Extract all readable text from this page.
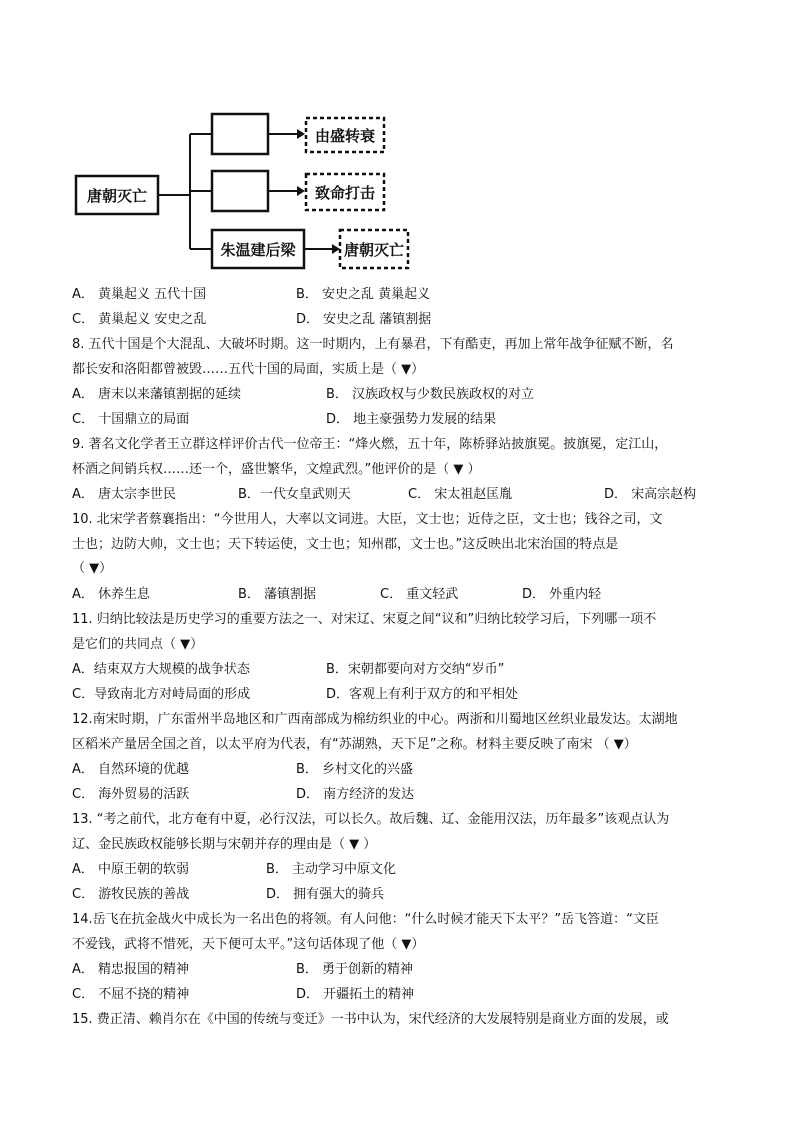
唐朝灭亡
朱温建后梁
由盛转衰
致命打击
唐朝灭亡
A． 黄巢起义 五代十国	B． 安史之乱 黄巢起义
C． 黄巢起义 安史之乱	D． 安史之乱 藩镇割据
8. 五代十国是个大混乱、大破坏时期。这一时期内，上有暴君，下有酷吏，再加上常年战争征赋不断，名
都长安和洛阳都曾被毁……五代十国的局面，实质上是（ ▼）
A． 唐末以来藩镇割据的延续	B． 汉族政权与少数民族政权的对立
C． 十国鼎立的局面	D． 地主豪强势力发展的结果
9. 著名文化学者王立群这样评价古代一位帝王：“烽火燃，五十年，陈桥驿站披旗冕。披旗冕，定江山，
杯酒之间销兵权……还一个，盛世繁华，文煌武烈。”他评价的是（ ▼ ）
A． 唐太宗李世民	B．一代女皇武则天	C． 宋太祖赵匡胤	D． 宋高宗赵构
10. 北宋学者蔡襄指出：“今世用人，大率以文词进。大臣，文士也；近侍之臣，文士也；钱谷之司，文
士也；边防大帅，文士也；天下转运使，文士也；知州郡，文士也。”这反映出北宋治国的特点是
（ ▼）
A． 休养生息	B． 藩镇割据	C． 重文轻武	D． 外重内轻
11. 归纳比较法是历史学习的重要方法之一、对宋辽、宋夏之间“议和”归纳比较学习后，下列哪一项不
是它们的共同点（ ▼）
A．结束双方大规模的战争状态	B．宋朝都要向对方交纳“岁币”
C．导致南北方对峙局面的形成	D．客观上有利于双方的和平相处
12.南宋时期，广东雷州半岛地区和广西南部成为棉纺织业的中心。两浙和川蜀地区丝织业最发达。太湖地
区稻米产量居全国之首，以太平府为代表，有“苏湖熟，天下足”之称。材料主要反映了南宋 （ ▼）
A． 自然环境的优越	B． 乡村文化的兴盛
C． 海外贸易的活跃	D． 南方经济的发达
13. “考之前代，北方奄有中夏，必行汉法，可以长久。故后魏、辽、金能用汉法，历年最多”该观点认为
辽、金民族政权能够长期与宋朝并存的理由是（ ▼ ）
A． 中原王朝的软弱	B． 主动学习中原文化
C． 游牧民族的善战	D． 拥有强大的骑兵
14.岳飞在抗金战火中成长为一名出色的将领。有人问他：“什么时候才能天下太平？”岳飞答道：“文臣
不爱钱，武将不惜死，天下便可太平。”这句话体现了他（ ▼）
A． 精忠报国的精神	B． 勇于创新的精神
C． 不屈不挠的精神	D． 开疆拓土的精神
15. 费正清、赖肖尔在《中国的传统与变迁》一书中认为，宋代经济的大发展特别是商业方面的发展，或
